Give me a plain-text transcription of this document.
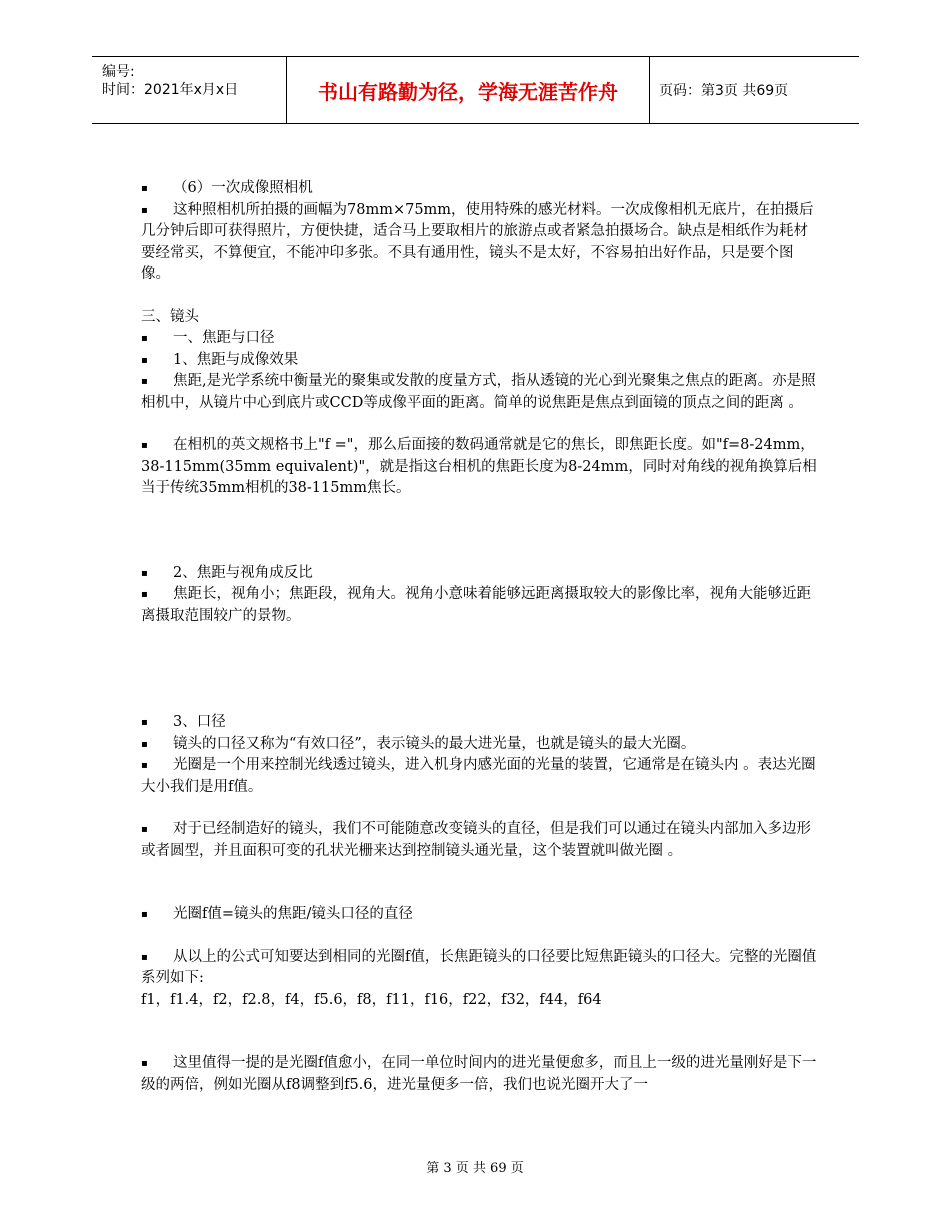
编号:
时间：2021年x月x日	书山有路勤为径，学海无涯苦作舟	页码：第3页 共69页

▪ （6）一次成像照相机

▪ 这种照相机所拍摄的画幅为78mm×75mm，使用特殊的感光材料。一次成像相机无底片，在拍摄后几分钟后即可获得照片，方便快捷，适合马上要取相片的旅游点或者紧急拍摄场合。缺点是相纸作为耗材要经常买，不算便宜，不能冲印多张。不具有通用性，镜头不是太好，不容易拍出好作品，只是要个图像。

三、镜头

▪ 一、焦距与口径

▪ 1、焦距与成像效果

▪ 焦距,是光学系统中衡量光的聚集或发散的度量方式，指从透镜的光心到光聚集之焦点的距离。亦是照相机中，从镜片中心到底片或CCD等成像平面的距离。简单的说焦距是焦点到面镜的顶点之间的距离 。

▪ 在相机的英文规格书上"f ="，那么后面接的数码通常就是它的焦长，即焦距长度。如"f=8-24mm，38-115mm(35mm equivalent)"，就是指这台相机的焦距长度为8-24mm，同时对角线的视角换算后相当于传统35mm相机的38-115mm焦长。

▪ 2、焦距与视角成反比

▪ 焦距长，视角小；焦距段，视角大。视角小意味着能够远距离摄取较大的影像比率，视角大能够近距离摄取范围较广的景物。

▪ 3、口径

▪ 镜头的口径又称为“有效口径”，表示镜头的最大进光量，也就是镜头的最大光圈。

▪ 光圈是一个用来控制光线透过镜头，进入机身内感光面的光量的装置，它通常是在镜头内 。表达光圈大小我们是用f值。

▪ 对于已经制造好的镜头，我们不可能随意改变镜头的直径，但是我们可以通过在镜头内部加入多边形或者圆型，并且面积可变的孔状光栅来达到控制镜头通光量，这个装置就叫做光圈 。

▪ 光圈f值=镜头的焦距/镜头口径的直径

▪ 从以上的公式可知要达到相同的光圈f值，长焦距镜头的口径要比短焦距镜头的口径大。完整的光圈值系列如下:

f1，f1.4，f2，f2.8，f4，f5.6，f8，f11，f16，f22，f32，f44，f64

▪ 这里值得一提的是光圈f值愈小，在同一单位时间内的进光量便愈多，而且上一级的进光量刚好是下一级的两倍，例如光圈从f8调整到f5.6，进光量便多一倍，我们也说光圈开大了一

第 3 页 共 69 页
